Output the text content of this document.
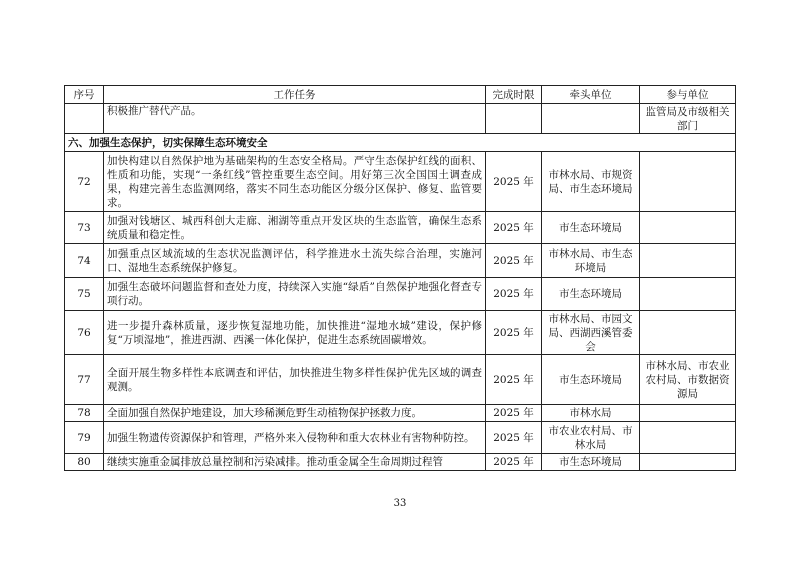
序号	工作任务	完成时限	牵头单位	参与单位
	积极推广替代产品。			监管局及市级相关部门
六、加强生态保护，切实保障生态环境安全				
72	加快构建以自然保护地为基础架构的生态安全格局。严守生态保护红线的面积、性质和功能，实现“一条红线”管控重要生态空间。用好第三次全国国土调查成果，构建完善生态监测网络，落实不同生态功能区分级分区保护、修复、监管要求。	2025 年	市林水局、市规资局、市生态环境局	
73	加强对钱塘区、城西科创大走廊、湘湖等重点开发区块的生态监管，确保生态系统质量和稳定性。	2025 年	市生态环境局	
74	加强重点区域流域的生态状况监测评估，科学推进水土流失综合治理，实施河口、湿地生态系统保护修复。	2025 年	市林水局、市生态环境局	
75	加强生态破坏问题监督和查处力度，持续深入实施“绿盾”自然保护地强化督查专项行动。	2025 年	市生态环境局	
76	进一步提升森林质量，逐步恢复湿地功能，加快推进“湿地水城”建设，保护修复“万顷湿地”，推进西湖、西溪一体化保护，促进生态系统固碳增效。	2025 年	市林水局、市园文局、西湖西溪管委会	
77	全面开展生物多样性本底调查和评估，加快推进生物多样性保护优先区域的调查观测。	2025 年	市生态环境局	市林水局、市农业农村局、市数据资源局
78	全面加强自然保护地建设，加大珍稀濒危野生动植物保护拯救力度。	2025 年	市林水局	
79	加强生物遗传资源保护和管理，严格外来入侵物种和重大农林业有害物种防控。	2025 年	市农业农村局、市林水局	
80	继续实施重金属排放总量控制和污染减排。推动重金属全生命周期过程管	2025 年	市生态环境局	
33
